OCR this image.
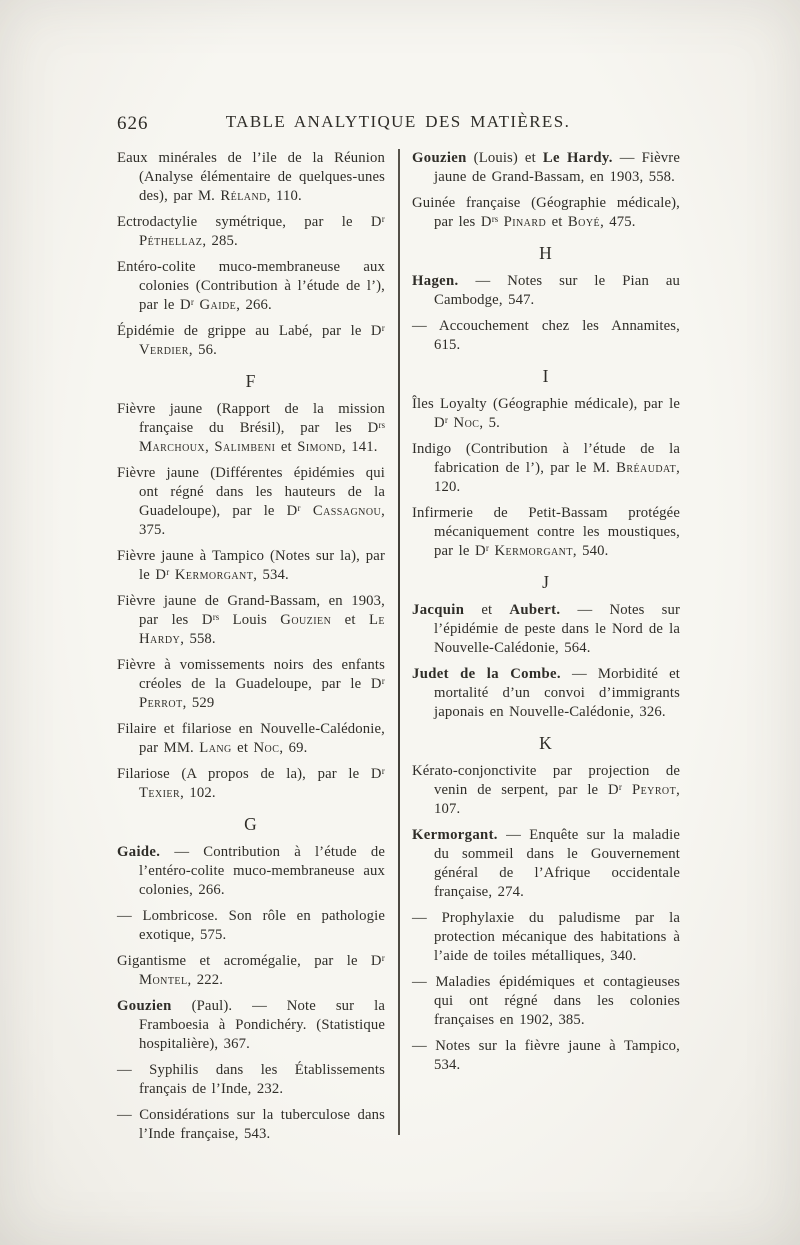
626	TABLE ANALYTIQUE DES MATIÈRES.
Eaux minérales de l’ile de la Réunion (Analyse élémentaire de quelques-unes des), par M. Réland, 110.
Ectrodactylie symétrique, par le Dʳ Péthellaz, 285.
Entéro-colite muco-membraneuse aux colonies (Contribution à l’étude de l’), par le Dʳ Gaide, 266.
Épidémie de grippe au Labé, par le Dʳ Verdier, 56.
F
Fièvre jaune (Rapport de la mission française du Brésil), par les Dʳˢ Marchoux, Salimbeni et Simond, 141.
Fièvre jaune (Différentes épidémies qui ont régné dans les hauteurs de la Guadeloupe), par le Dʳ Cassagnou, 375.
Fièvre jaune à Tampico (Notes sur la), par le Dʳ Kermorgant, 534.
Fièvre jaune de Grand-Bassam, en 1903, par les Dʳˢ Louis Gouzien et Le Hardy, 558.
Fièvre à vomissements noirs des enfants créoles de la Guadeloupe, par le Dʳ Perrot, 529
Filaire et filariose en Nouvelle-Calédonie, par MM. Lang et Noc, 69.
Filariose (A propos de la), par le Dʳ Texier, 102.
G
Gaide. — Contribution à l’étude de l’entéro-colite muco-membraneuse aux colonies, 266.
— Lombricose. Son rôle en pathologie exotique, 575.
Gigantisme et acromégalie, par le Dʳ Montel, 222.
Gouzien (Paul). — Note sur la Framboesia à Pondichéry. (Statistique hospitalière), 367.
— Syphilis dans les Établissements français de l’Inde, 232.
— Considérations sur la tuberculose dans l’Inde française, 543.
Gouzien (Louis) et Le Hardy. — Fièvre jaune de Grand-Bassam, en 1903, 558.
Guinée française (Géographie médicale), par les Dʳˢ Pinard et Boyé, 475.
H
Hagen. — Notes sur le Pian au Cambodge, 547.
— Accouchement chez les Annamites, 615.
I
Îles Loyalty (Géographie médicale), par le Dʳ Noc, 5.
Indigo (Contribution à l’étude de la fabrication de l’), par le M. Bréaudat, 120.
Infirmerie de Petit-Bassam protégée mécaniquement contre les moustiques, par le Dʳ Kermorgant, 540.
J
Jacquin et Aubert. — Notes sur l’épidémie de peste dans le Nord de la Nouvelle-Calédonie, 564.
Judet de la Combe. — Morbidité et mortalité d’un convoi d’immigrants japonais en Nouvelle-Calédonie, 326.
K
Kérato-conjonctivite par projection de venin de serpent, par le Dʳ Peyrot, 107.
Kermorgant. — Enquête sur la maladie du sommeil dans le Gouvernement général de l’Afrique occidentale française, 274.
— Prophylaxie du paludisme par la protection mécanique des habitations à l’aide de toiles métalliques, 340.
— Maladies épidémiques et contagieuses qui ont régné dans les colonies françaises en 1902, 385.
— Notes sur la fièvre jaune à Tampico, 534.
